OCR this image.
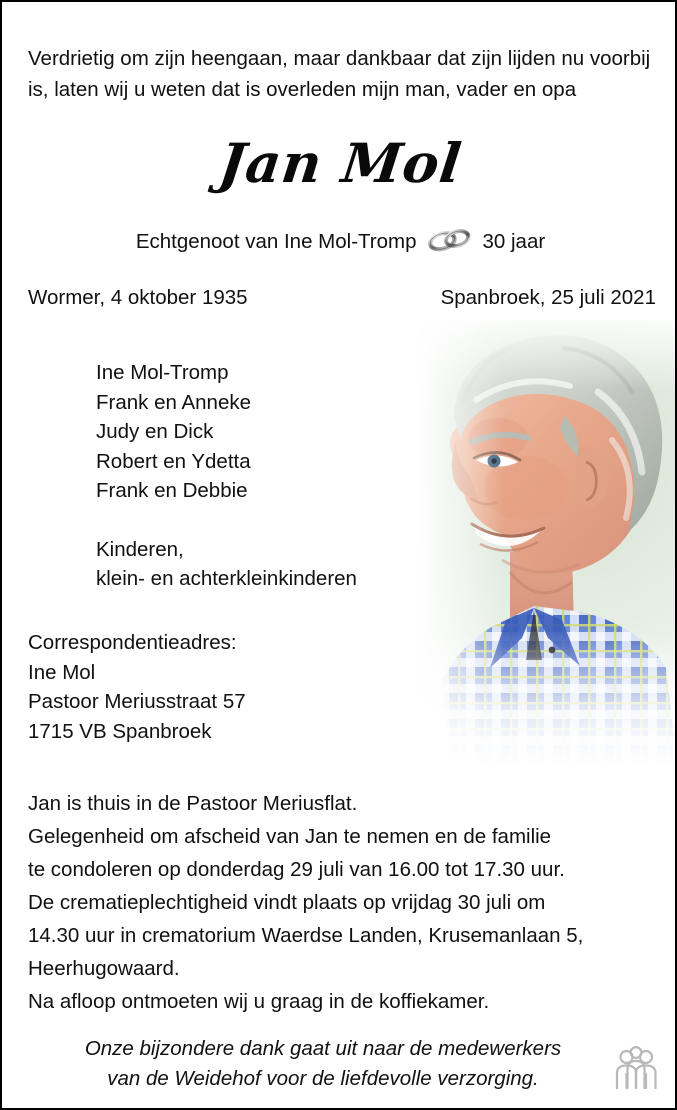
Verdrietig om zijn heengaan, maar dankbaar dat zijn lijden nu voorbij is, laten wij u weten dat is overleden mijn man, vader en opa

Jan Mol
Echtgenoot van Ine Mol-Tromp	30 jaar
Wormer, 4 oktober 1935	Spanbroek, 25 juli 2021
Ine Mol-Tromp
Frank en Anneke
Judy en Dick
Robert en Ydetta
Frank en Debbie
Kinderen,
klein- en achterkleinkinderen
Correspondentieadres:
Ine Mol
Pastoor Meriusstraat 57
1715 VB Spanbroek
Jan is thuis in de Pastoor Meriusflat.
Gelegenheid om afscheid van Jan te nemen en de familie
te condoleren op donderdag 29 juli van 16.00 tot 17.30 uur.
De crematieplechtigheid vindt plaats op vrijdag 30 juli om
14.30 uur in crematorium Waerdse Landen, Krusemanlaan 5,
Heerhugowaard.
Na afloop ontmoeten wij u graag in de koffiekamer.
Onze bijzondere dank gaat uit naar de medewerkers
van de Weidehof voor de liefdevolle verzorging.
